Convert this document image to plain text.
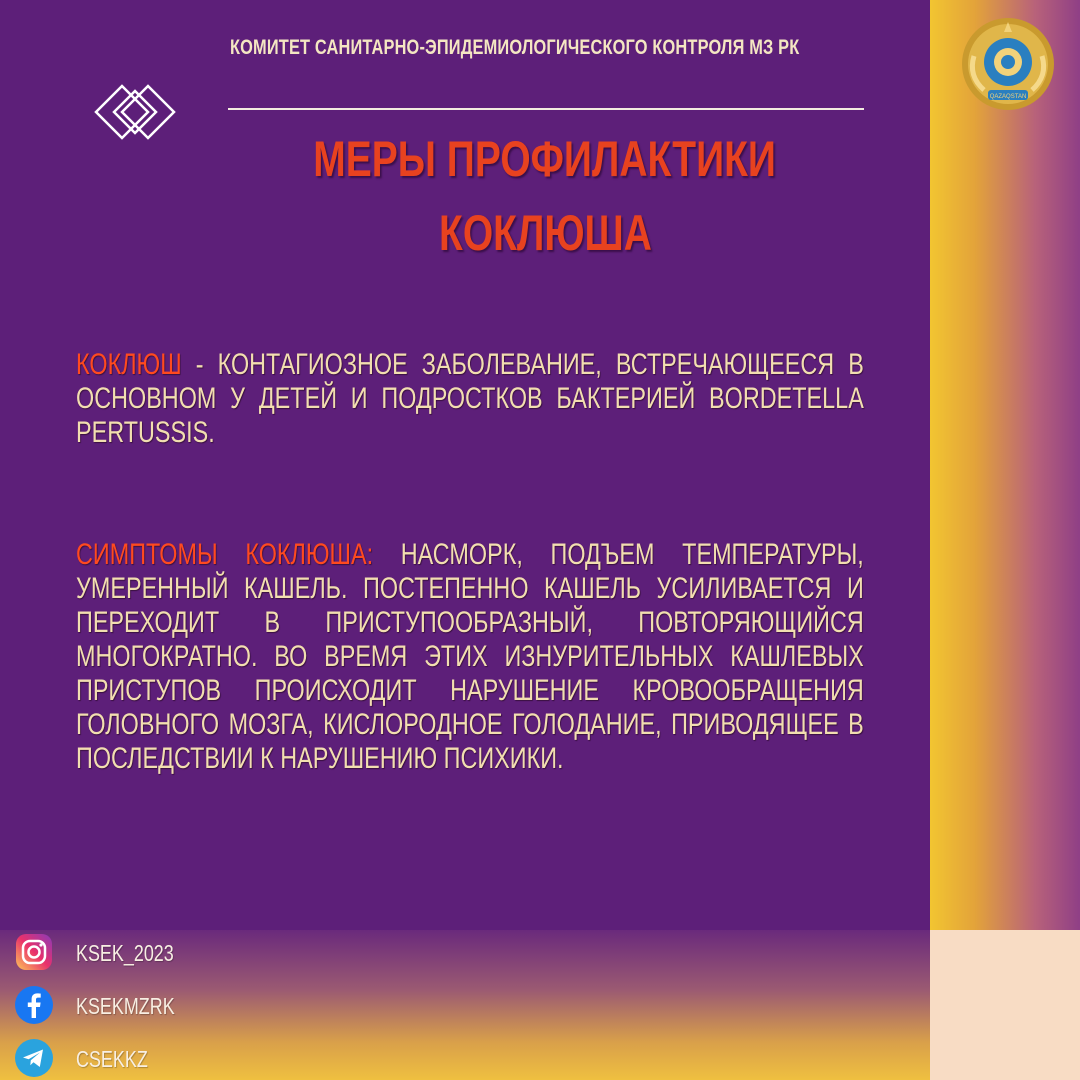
КОМИТЕТ САНИТАРНО-ЭПИДЕМИОЛОГИЧЕСКОГО КОНТРОЛЯ МЗ РК
QAZAQSTAN
МЕРЫ ПРОФИЛАКТИКИ
КОКЛЮША
КОКЛЮШ - КОНТАГИОЗНОЕ ЗАБОЛЕВАНИЕ, ВСТРЕЧАЮЩЕЕСЯ В ОСНОВНОМ У ДЕТЕЙ И ПОДРОСТКОВ БАКТЕРИЕЙ BORDETELLA PERTUSSIS.
СИМПТОМЫ КОКЛЮША: НАСМОРК, ПОДЪЕМ ТЕМПЕРАТУРЫ, УМЕРЕННЫЙ КАШЕЛЬ. ПОСТЕПЕННО КАШЕЛЬ УСИЛИВАЕТСЯ И ПЕРЕХОДИТ В ПРИСТУПООБРАЗНЫЙ, ПОВТОРЯЮЩИЙСЯ МНОГОКРАТНО. ВО ВРЕМЯ ЭТИХ ИЗНУРИТЕЛЬНЫХ КАШЛЕВЫХ ПРИСТУПОВ ПРОИСХОДИТ НАРУШЕНИЕ КРОВООБРАЩЕНИЯ ГОЛОВНОГО МОЗГА, КИСЛОРОДНОЕ ГОЛОДАНИЕ, ПРИВОДЯЩЕЕ В ПОСЛЕДСТВИИ К НАРУШЕНИЮ ПСИХИКИ.
KSEK_2023
KSEKMZRK
CSEKKZ
